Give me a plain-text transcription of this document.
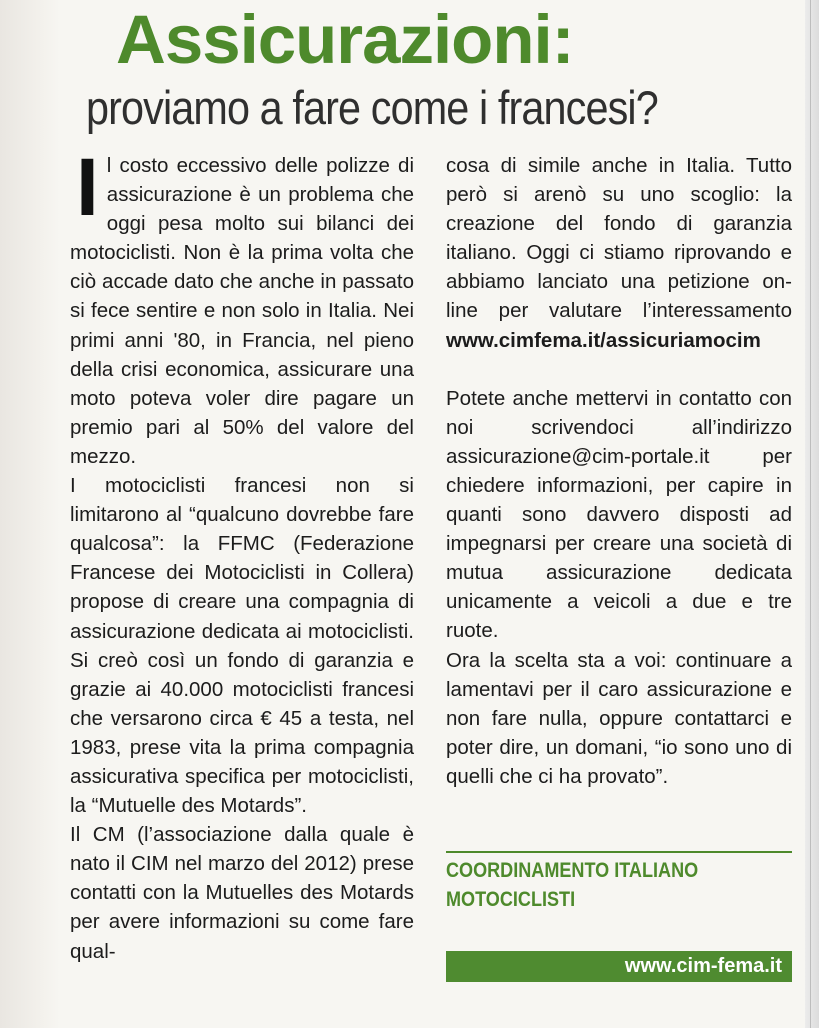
Assicurazioni:
proviamo a fare come i francesi?

Il costo eccessivo delle polizze di assicurazione è un problema che oggi pesa molto sui bilanci dei motociclisti. Non è la prima volta che ciò accade dato che anche in passato si fece sentire e non solo in Italia. Nei primi anni '80, in Francia, nel pieno della crisi economica, assicurare una moto poteva voler dire pagare un premio pari al 50% del valore del mezzo.

I motociclisti francesi non si limitarono al “qualcuno dovrebbe fare qualcosa”: la FFMC (Federazione Francese dei Motociclisti in Collera) propose di creare una compagnia di assicurazione dedicata ai motociclisti. Si creò così un fondo di garanzia e grazie ai 40.000 motociclisti francesi che versarono circa € 45 a testa, nel 1983, prese vita la prima compagnia assicurativa specifica per motociclisti, la “Mutuelle des Motards”.

Il CM (l’associazione dalla quale è nato il CIM nel marzo del 2012) prese contatti con la Mutuelles des Motards per avere informazioni su come fare qual-

cosa di simile anche in Italia. Tutto però si arenò su uno scoglio: la creazione del fondo di garanzia italiano. Oggi ci stiamo riprovando e abbiamo lanciato una petizione on-line per valutare l’interessamento www.cimfema.it/assicuriamocim

Potete anche mettervi in contatto con noi scrivendoci all’indirizzo assicurazione@cim-portale.it per chiedere informazioni, per capire in quanti sono davvero disposti ad impegnarsi per creare una società di mutua assicurazione dedicata unicamente a veicoli a due e tre ruote.

Ora la scelta sta a voi: continuare a lamentavi per il caro assicurazione e non fare nulla, oppure contattarci e poter dire, un domani, “io sono uno di quelli che ci ha provato”.

COORDINAMENTO ITALIANO MOTOCICLISTI

www.cim-fema.it
